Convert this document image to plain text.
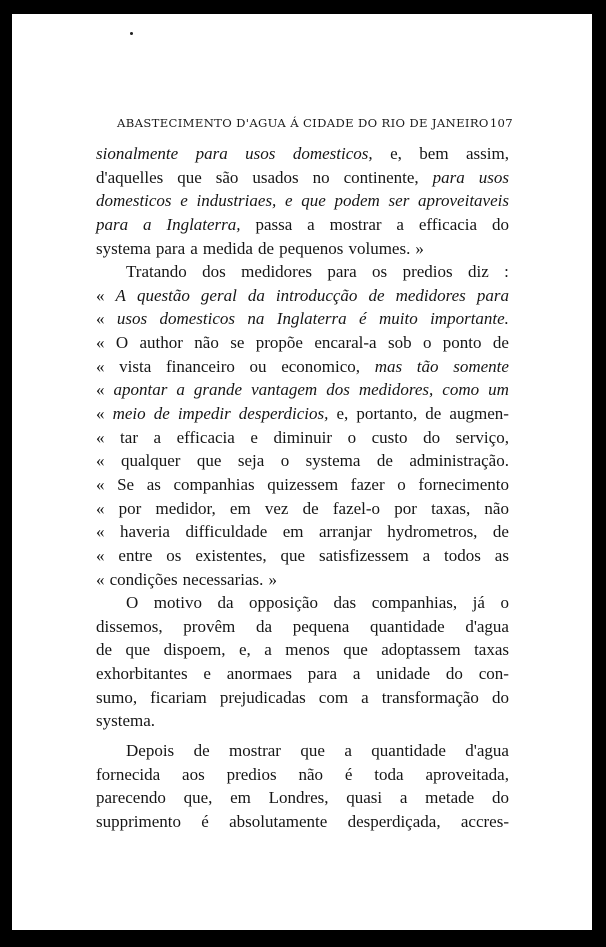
ABASTECIMENTO D'AGUA Á CIDADE DO RIO DE JANEIRO 107
sionalmente para usos domesticos, e, bem assim,
d'aquelles que são usados no continente, para usos
domesticos e industriaes, e que podem ser aproveitaveis
para a Inglaterra, passa a mostrar a efficacia do
systema para a medida de pequenos volumes. »
Tratando dos medidores para os predios diz :
« A questão geral da introducção de medidores para
« usos domesticos na Inglaterra é muito importante.
« O author não se propõe encaral-a sob o ponto de
« vista financeiro ou economico, mas tão somente
« apontar a grande vantagem dos medidores, como um
« meio de impedir desperdicios, e, portanto, de augmen-
« tar a efficacia e diminuir o custo do serviço,
« qualquer que seja o systema de administração.
« Se as companhias quizessem fazer o fornecimento
« por medidor, em vez de fazel-o por taxas, não
« haveria difficuldade em arranjar hydrometros, de
« entre os existentes, que satisfizessem a todos as
« condições necessarias. »
O motivo da opposição das companhias, já o
dissemos, provêm da pequena quantidade d'agua
de que dispoem, e, a menos que adoptassem taxas
exhorbitantes e anormaes para a unidade do con-
sumo, ficariam prejudicadas com a transformação do
systema.
Depois de mostrar que a quantidade d'agua
fornecida aos predios não é toda aproveitada,
parecendo que, em Londres, quasi a metade do
supprimento é absolutamente desperdiçada, accres-
